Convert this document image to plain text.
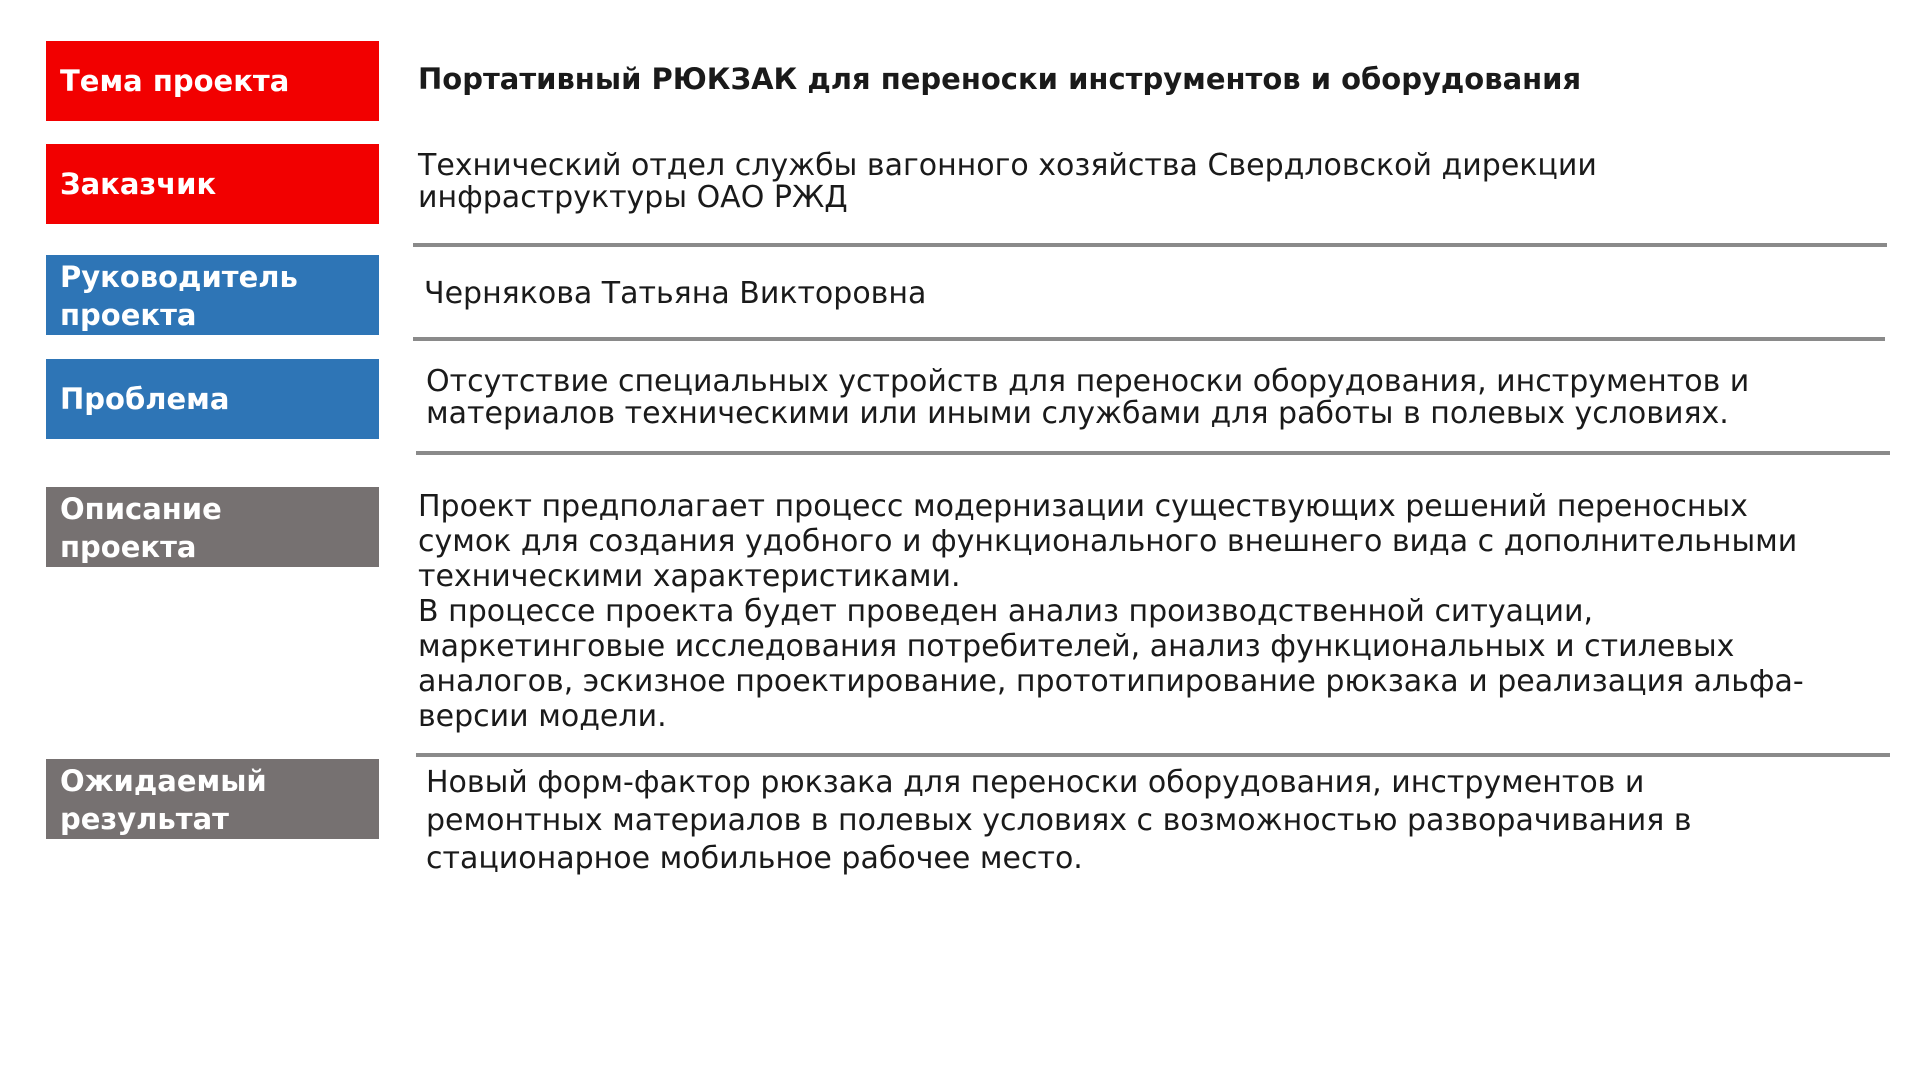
Тема проекта	Портативный РЮКЗАК для переноски инструментов и оборудования
Заказчик
Технический отдел службы вагонного хозяйства Свердловской дирекции инфраструктуры ОАО РЖД
Руководитель проекта
Чернякова Татьяна Викторовна
Проблема	Отсутствие специальных устройств для переноски оборудования, инструментов и материалов техническими или иными службами для работы в полевых условиях.
Описание проекта
Проект предполагает процесс модернизации существующих решений переносных сумок для создания удобного и функционального внешнего вида с дополнительными техническими характеристиками.
В процессе проекта будет проведен анализ производственной ситуации, маркетинговые исследования потребителей, анализ функциональных и стилевых аналогов, эскизное проектирование, прототипирование рюкзака и реализация альфа-версии модели.
Ожидаемый результат
Новый форм-фактор рюкзака для переноски оборудования, инструментов и ремонтных материалов в полевых условиях с возможностью разворачивания в стационарное мобильное рабочее место.
